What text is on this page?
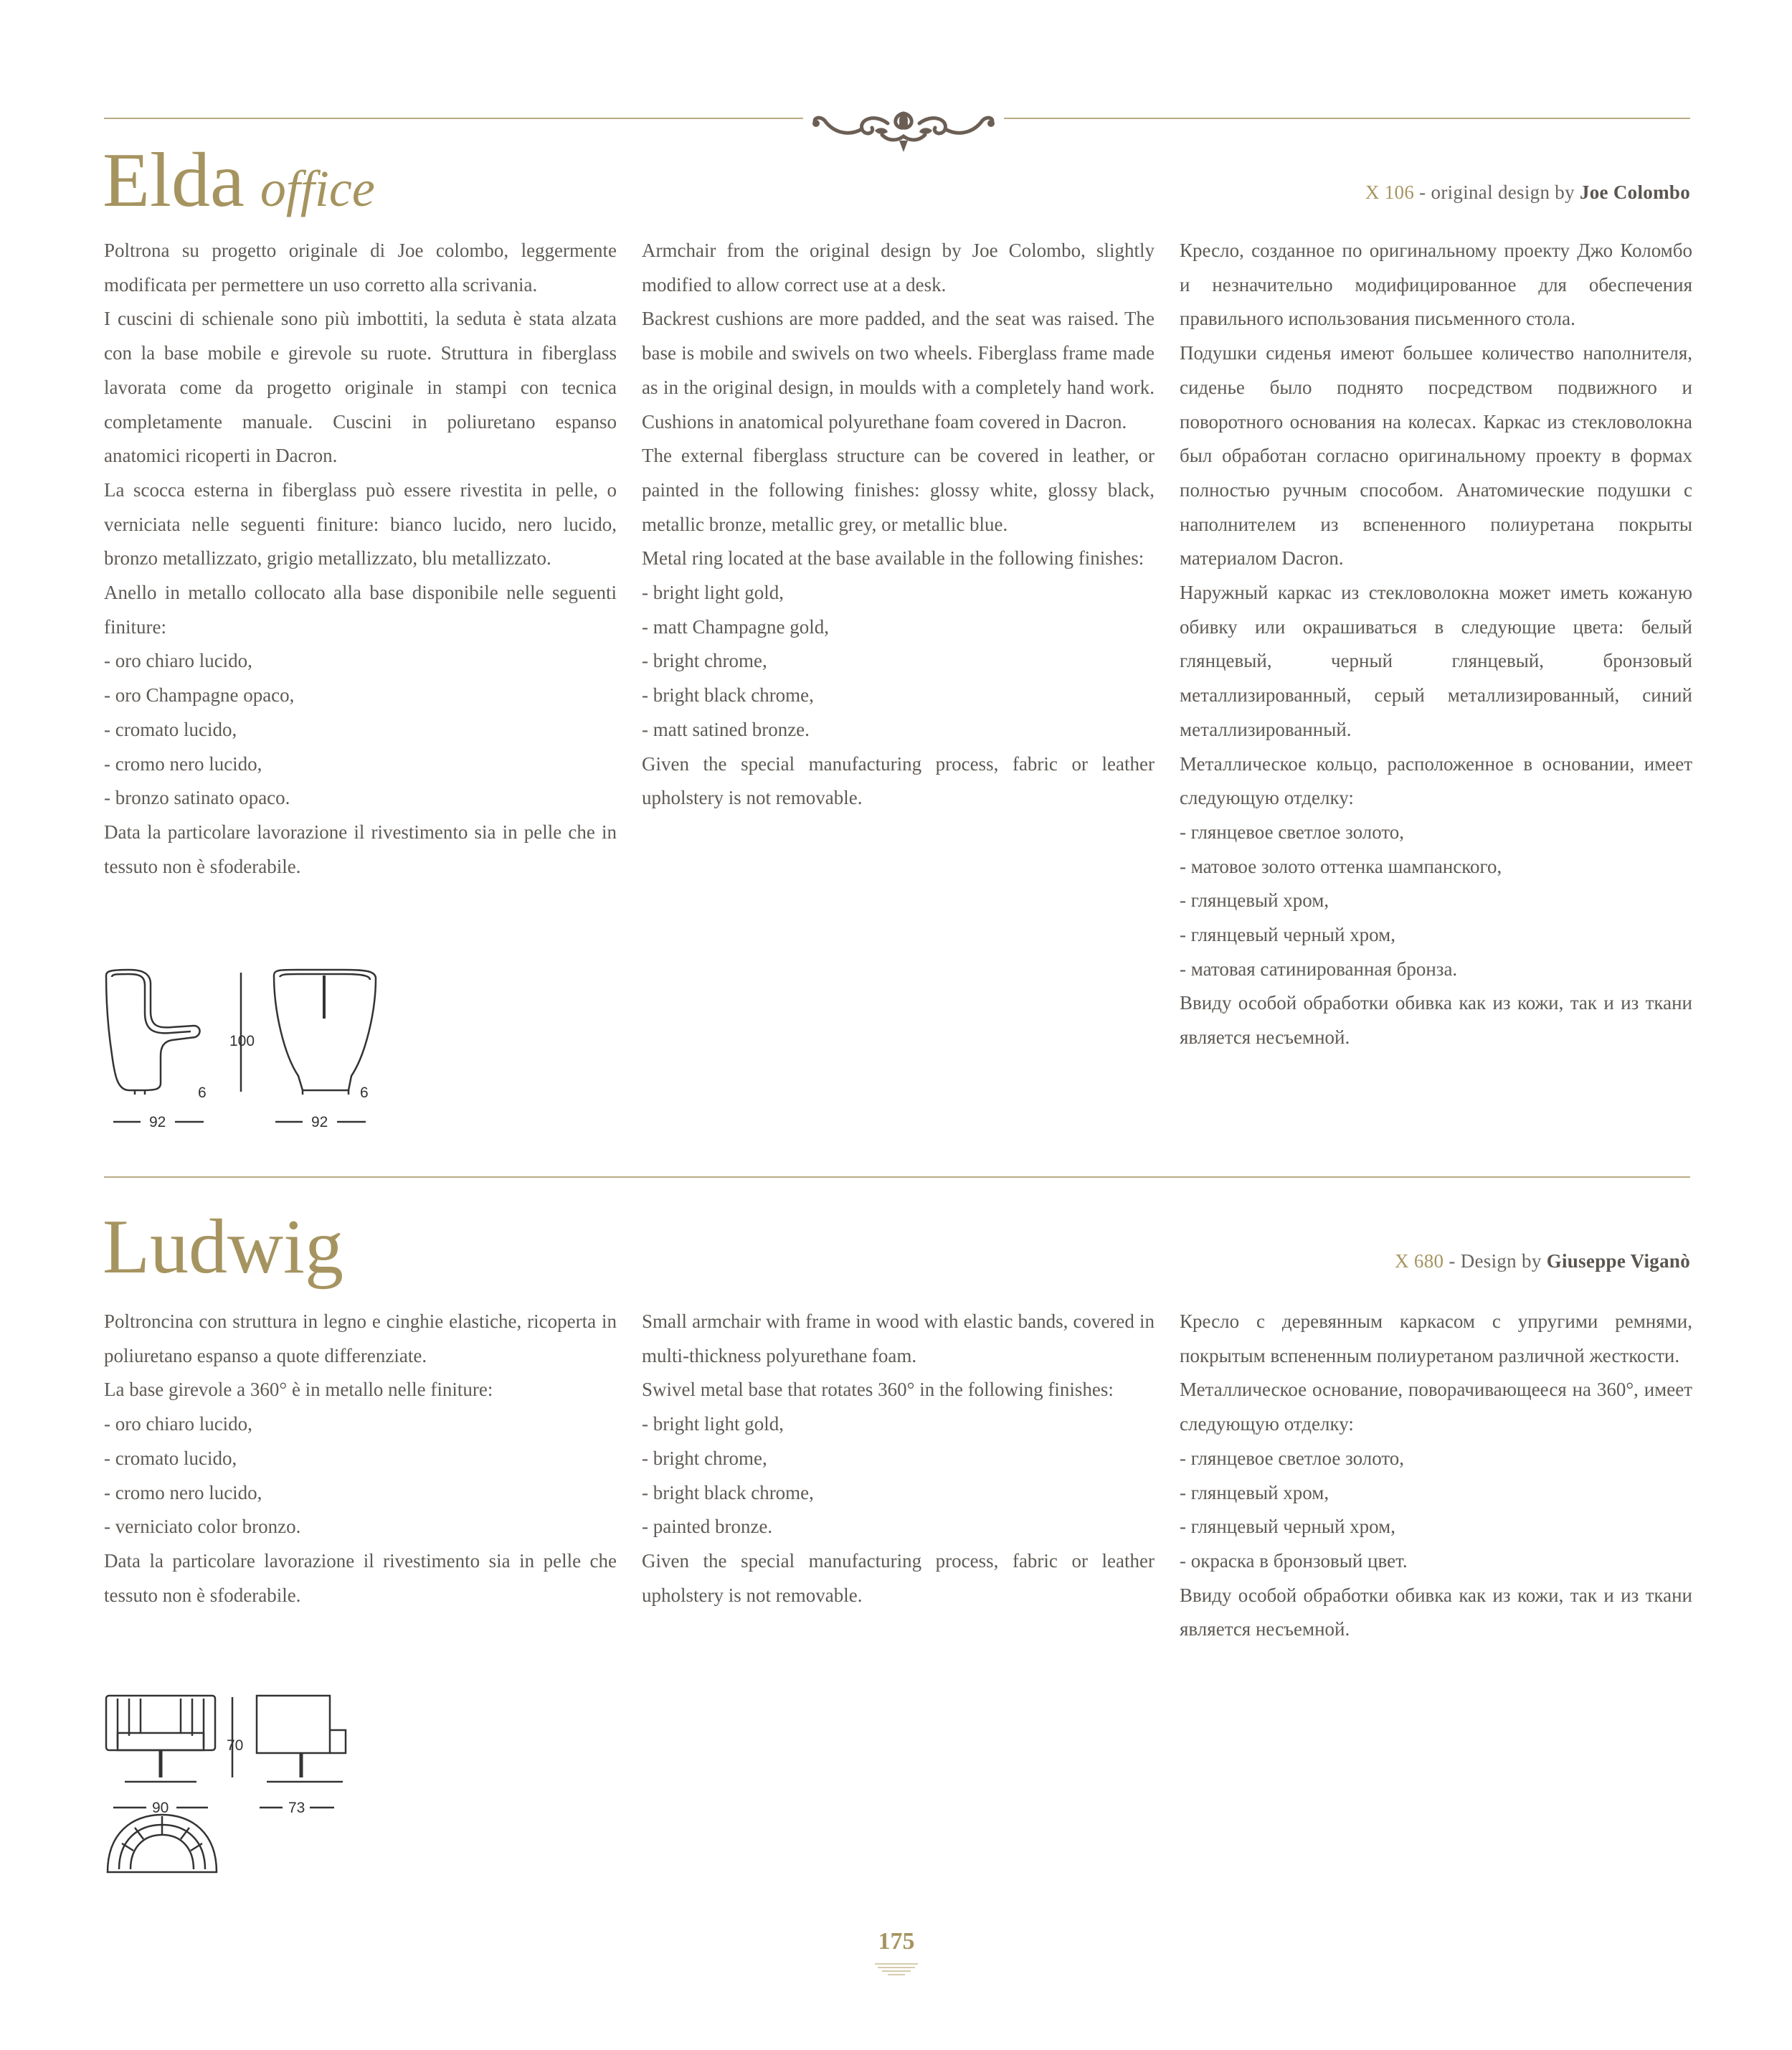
Elda office	X 106 - original design by Joe Colombo

Poltrona su progetto originale di Joe colombo, leggermente modificata per permettere un uso corretto alla scrivania.

I cuscini di schienale sono più imbottiti, la seduta è stata alzata con la base mobile e girevole su ruote. Struttura in fiberglass lavorata come da progetto originale in stampi con tecnica completamente manuale. Cuscini in poliuretano espanso anatomici ricoperti in Dacron.

La scocca esterna in fiberglass può essere rivestita in pelle, o verniciata nelle seguenti finiture: bianco lucido, nero lucido, bronzo metallizzato, grigio metallizzato, blu metallizzato.

Anello in metallo collocato alla base disponibile nelle seguenti finiture:

- oro chiaro lucido,

- oro Champagne opaco,

- cromato lucido,

- cromo nero lucido,

- bronzo satinato opaco.

Data la particolare lavorazione il rivestimento sia in pelle che in tessuto non è sfoderabile.

Armchair from the original design by Joe Colombo, slightly modified to allow correct use at a desk.

Backrest cushions are more padded, and the seat was raised. The base is mobile and swivels on two wheels. Fiberglass frame made as in the original design, in moulds with a completely hand work. Cushions in anatomical polyurethane foam covered in Dacron.

The external fiberglass structure can be covered in leather, or painted in the following finishes: glossy white, glossy black, metallic bronze, metallic grey, or metallic blue.

Metal ring located at the base available in the following finishes:

- bright light gold,

- matt Champagne gold,

- bright chrome,

- bright black chrome,

- matt satined bronze.

Given the special manufacturing process, fabric or leather upholstery is not removable.

Кресло, созданное по оригинальному проекту Джо Коломбо и незначительно модифицированное для обеспечения правильного использования письменного стола.

Подушки сиденья имеют большее количество наполнителя, сиденье было поднято посредством подвижного и поворотного основания на колесах. Каркас из стекловолокна был обработан согласно оригинальному проекту в формах полностью ручным способом. Анатомические подушки с наполнителем из вспененного полиуретана покрыты материалом Dacron.

Наружный каркас из стекловолокна может иметь кожаную обивку или окрашиваться в следующие цвета: белый глянцевый, черный глянцевый, бронзовый металлизированный, серый металлизированный, синий металлизированный.

Металлическое кольцо, расположенное в основании, имеет следующую отделку:

- глянцевое светлое золото,

- матовое золото оттенка шампанского,

- глянцевый хром,

- глянцевый черный хром,

- матовая сатинированная бронза.

Ввиду особой обработки обивка как из кожи, так и из ткани является несъемной.

100
6	6
92	92
Ludwig	X 680 - Design by Giuseppe Viganò

Poltroncina con struttura in legno e cinghie elastiche, ricoperta in poliuretano espanso a quote differenziate.

La base girevole a 360° è in metallo nelle finiture:

- oro chiaro lucido,

- cromato lucido,

- cromo nero lucido,

- verniciato color bronzo.

Data la particolare lavorazione il rivestimento sia in pelle che tessuto non è sfoderabile.

Small armchair with frame in wood with elastic bands, covered in multi-thickness polyurethane foam.

Swivel metal base that rotates 360° in the following finishes:

- bright light gold,

- bright chrome,

- bright black chrome,

- painted bronze.

Given the special manufacturing process, fabric or leather upholstery is not removable.

Кресло с деревянным каркасом с упругими ремнями, покрытым вспененным полиуретаном различной жесткости.

Металлическое основание, поворачивающееся на 360°, имеет следующую отделку:

- глянцевое светлое золото,

- глянцевый хром,

- глянцевый черный хром,

- окраска в бронзовый цвет.

Ввиду особой обработки обивка как из кожи, так и из ткани является несъемной.

70
90	73
175
